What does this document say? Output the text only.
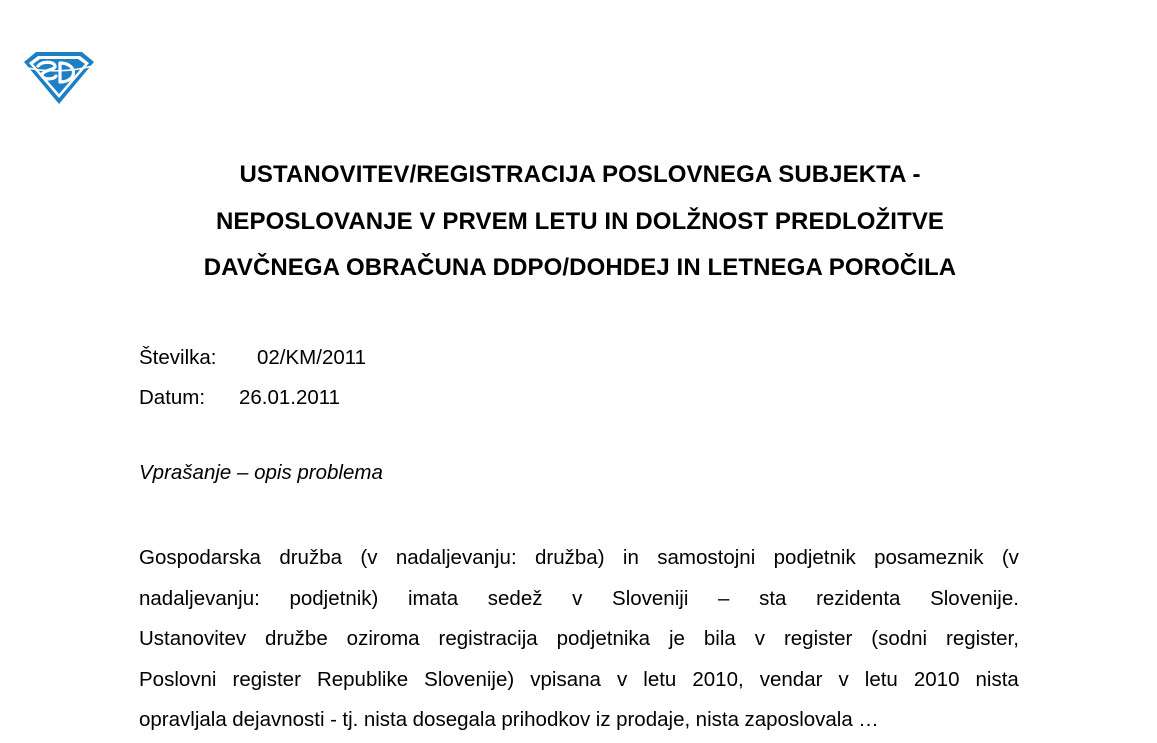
USTANOVITEV/REGISTRACIJA POSLOVNEGA SUBJEKTA -
NEPOSLOVANJE V PRVEM LETU IN DOLŽNOST PREDLOŽITVE
DAVČNEGA OBRAČUNA DDPO/DOHDEJ IN LETNEGA POROČILA
Številka: 02/KM/2011
Datum: 26.01.2011
Vprašanje – opis problema
Gospodarska družba (v nadaljevanju: družba) in samostojni podjetnik posameznik (v
nadaljevanju: podjetnik) imata sedež v Sloveniji – sta rezidenta Slovenije.
Ustanovitev družbe oziroma registracija podjetnika je bila v register (sodni register,
Poslovni register Republike Slovenije) vpisana v letu 2010, vendar v letu 2010 nista
opravljala dejavnosti - tj. nista dosegala prihodkov iz prodaje, nista zaposlovala …
